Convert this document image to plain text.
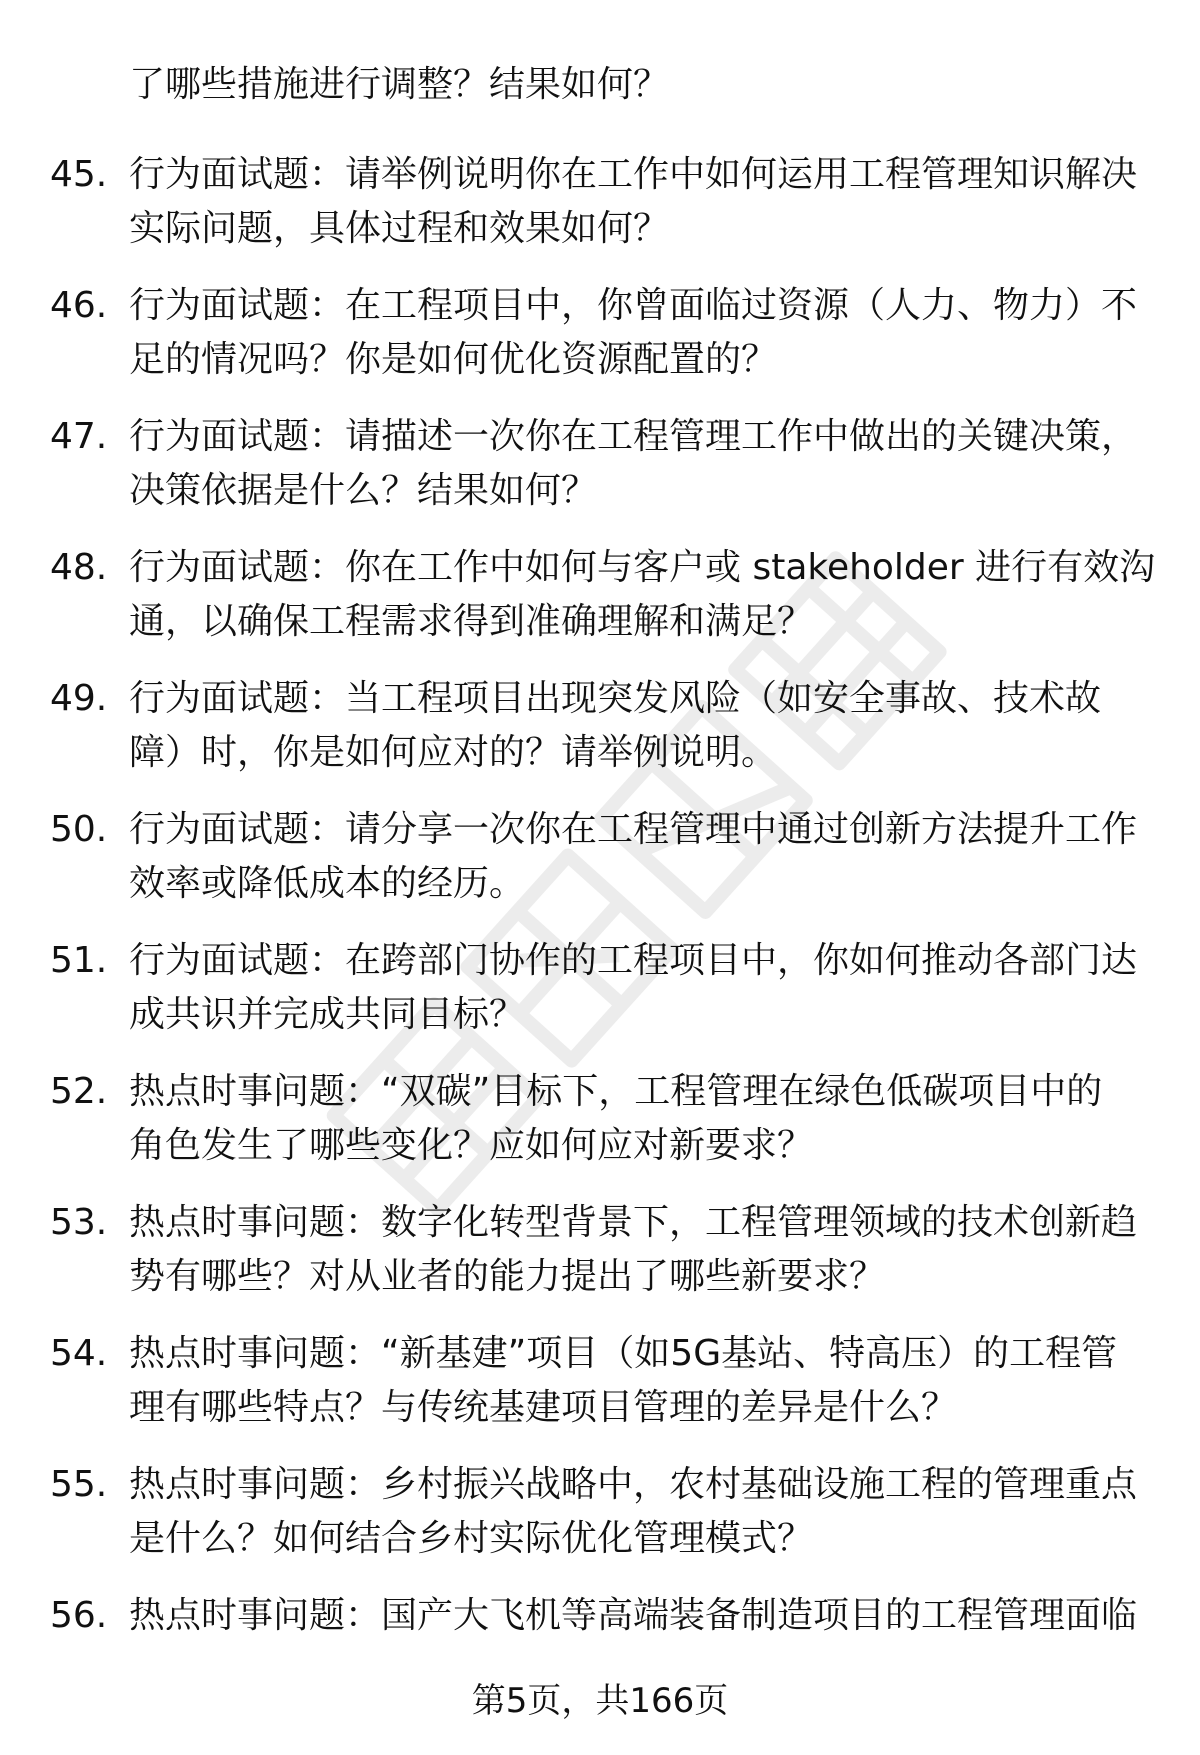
了哪些措施进行调整？结果如何？
45. 行为面试题：请举例说明你在工作中如何运用工程管理知识解决
实际问题，具体过程和效果如何？
46. 行为面试题：在工程项目中，你曾面临过资源（人力、物力）不
足的情况吗？你是如何优化资源配置的？
47. 行为面试题：请描述一次你在工程管理工作中做出的关键决策，
决策依据是什么？结果如何？
48. 行为面试题：你在工作中如何与客户或 stakeholder 进行有效沟
通，以确保工程需求得到准确理解和满足？
49. 行为面试题：当工程项目出现突发风险（如安全事故、技术故
障）时，你是如何应对的？请举例说明。
50. 行为面试题：请分享一次你在工程管理中通过创新方法提升工作
效率或降低成本的经历。
51. 行为面试题：在跨部门协作的工程项目中，你如何推动各部门达
成共识并完成共同目标？
52. 热点时事问题：“双碳”目标下，工程管理在绿色低碳项目中的
角色发生了哪些变化？应如何应对新要求？
53. 热点时事问题：数字化转型背景下，工程管理领域的技术创新趋
势有哪些？对从业者的能力提出了哪些新要求？
54. 热点时事问题：“新基建”项目（如5G基站、特高压）的工程管
理有哪些特点？与传统基建项目管理的差异是什么？
55. 热点时事问题：乡村振兴战略中，农村基础设施工程的管理重点
是什么？如何结合乡村实际优化管理模式？
56. 热点时事问题：国产大飞机等高端装备制造项目的工程管理面临
第5页，共166页
